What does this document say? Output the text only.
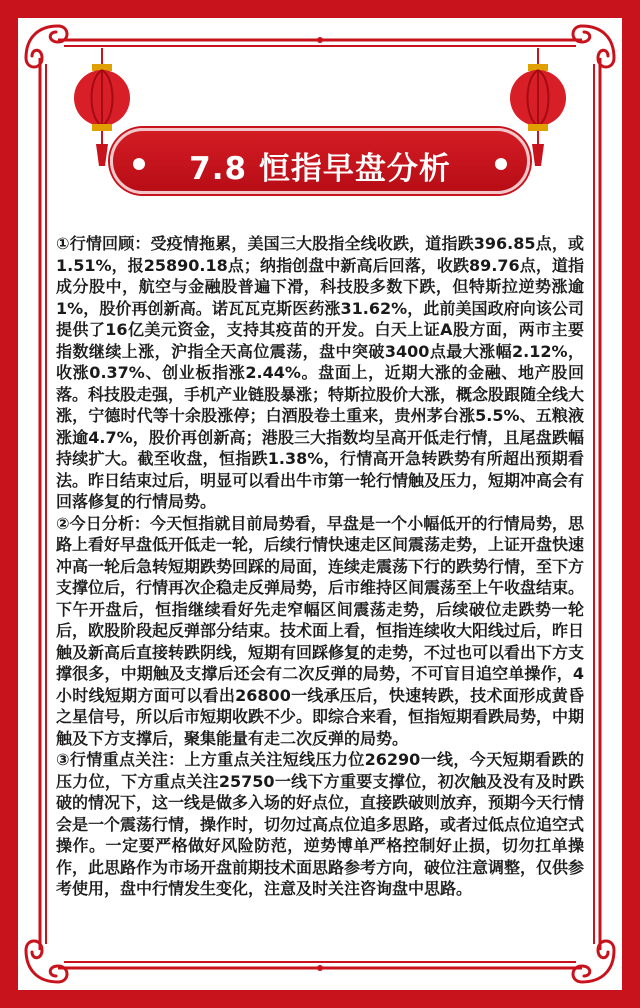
7.8 恒指早盘分析

①行情回顾：受疫情拖累，美国三大股指全线收跌，道指跌396.85点，或1.51%，报25890.18点；纳指创盘中新高后回落，收跌89.76点，道指成分股中，航空与金融股普遍下滑，科技股多数下跌，但特斯拉逆势涨逾1%，股价再创新高。诺瓦瓦克斯医药涨31.62%，此前美国政府向该公司提供了16亿美元资金，支持其疫苗的开发。白天上证A股方面，两市主要指数继续上涨，沪指全天高位震荡，盘中突破3400点最大涨幅2.12%，收涨0.37%、创业板指涨2.44%。盘面上，近期大涨的金融、地产股回落。科技股走强，手机产业链股暴涨；特斯拉股价大涨，概念股跟随全线大涨，宁德时代等十余股涨停；白酒股卷土重来，贵州茅台涨5.5%、五粮液涨逾4.7%，股价再创新高；港股三大指数均呈高开低走行情，且尾盘跌幅持续扩大。截至收盘，恒指跌1.38%，行情高开急转跌势有所超出预期看法。昨日结束过后，明显可以看出牛市第一轮行情触及压力，短期冲高会有回落修复的行情局势。

②今日分析：今天恒指就目前局势看，早盘是一个小幅低开的行情局势，思路上看好早盘低开低走一轮，后续行情快速走区间震荡走势，上证开盘快速冲高一轮后急转短期跌势回踩的局面，连续走震荡下行的跌势行情，至下方支撑位后，行情再次企稳走反弹局势，后市维持区间震荡至上午收盘结束。下午开盘后，恒指继续看好先走窄幅区间震荡走势，后续破位走跌势一轮后，欧股阶段起反弹部分结束。技术面上看，恒指连续收大阳线过后，昨日触及新高后直接转跌阴线，短期有回踩修复的走势，不过也可以看出下方支撑很多，中期触及支撑后还会有二次反弹的局势，不可盲目追空单操作，4小时线短期方面可以看出26800一线承压后，快速转跌，技术面形成黄昏之星信号，所以后市短期收跌不少。即综合来看，恒指短期看跌局势，中期触及下方支撑后，聚集能量有走二次反弹的局势。

③行情重点关注：上方重点关注短线压力位26290一线，今天短期看跌的压力位，下方重点关注25750一线下方重要支撑位，初次触及没有及时跌破的情况下，这一线是做多入场的好点位，直接跌破则放弃，预期今天行情会是一个震荡行情，操作时，切勿过高点位追多思路，或者过低点位追空式操作。一定要严格做好风险防范，逆势博单严格控制好止损，切勿扛单操作，此思路作为市场开盘前期技术面思路参考方向，破位注意调整，仅供参考使用，盘中行情发生变化，注意及时关注咨询盘中思路。
